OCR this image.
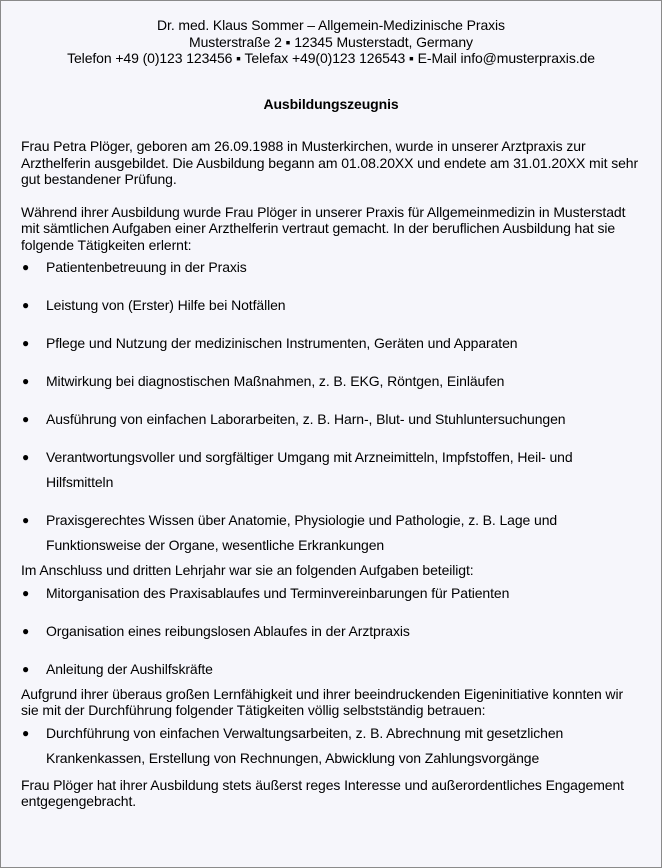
Dr. med. Klaus Sommer – Allgemein-Medizinische Praxis
Musterstraße 2 ▪ 12345 Musterstadt, Germany
Telefon +49 (0)123 123456 ▪ Telefax +49(0)123 126543 ▪ E-Mail info@musterpraxis.de
Ausbildungszeugnis

Frau Petra Plöger, geboren am 26.09.1988 in Musterkirchen, wurde in unserer Arztpraxis zur Arzthelferin ausgebildet. Die Ausbildung begann am 01.08.20XX und endete am 31.01.20XX mit sehr gut bestandener Prüfung.

Während ihrer Ausbildung wurde Frau Plöger in unserer Praxis für Allgemeinmedizin in Musterstadt mit sämtlichen Aufgaben einer Arzthelferin vertraut gemacht. In der beruflichen Ausbildung hat sie folgende Tätigkeiten erlernt:

● Patientenbetreuung in der Praxis
● Leistung von (Erster) Hilfe bei Notfällen
● Pflege und Nutzung der medizinischen Instrumenten, Geräten und Apparaten
● Mitwirkung bei diagnostischen Maßnahmen, z. B. EKG, Röntgen, Einläufen
● Ausführung von einfachen Laborarbeiten, z. B. Harn-, Blut- und Stuhluntersuchungen
● Verantwortungsvoller und sorgfältiger Umgang mit Arzneimitteln, Impfstoffen, Heil- und Hilfsmitteln
● Praxisgerechtes Wissen über Anatomie, Physiologie und Pathologie, z. B. Lage und Funktionsweise der Organe, wesentliche Erkrankungen

Im Anschluss und dritten Lehrjahr war sie an folgenden Aufgaben beteiligt:

● Mitorganisation des Praxisablaufes und Terminvereinbarungen für Patienten
● Organisation eines reibungslosen Ablaufes in der Arztpraxis
● Anleitung der Aushilfskräfte

Aufgrund ihrer überaus großen Lernfähigkeit und ihrer beeindruckenden Eigeninitiative konnten wir sie mit der Durchführung folgender Tätigkeiten völlig selbstständig betrauen:

● Durchführung von einfachen Verwaltungsarbeiten, z. B. Abrechnung mit gesetzlichen Krankenkassen, Erstellung von Rechnungen, Abwicklung von Zahlungsvorgänge

Frau Plöger hat ihrer Ausbildung stets äußerst reges Interesse und außerordentliches Engagement entgegengebracht.
